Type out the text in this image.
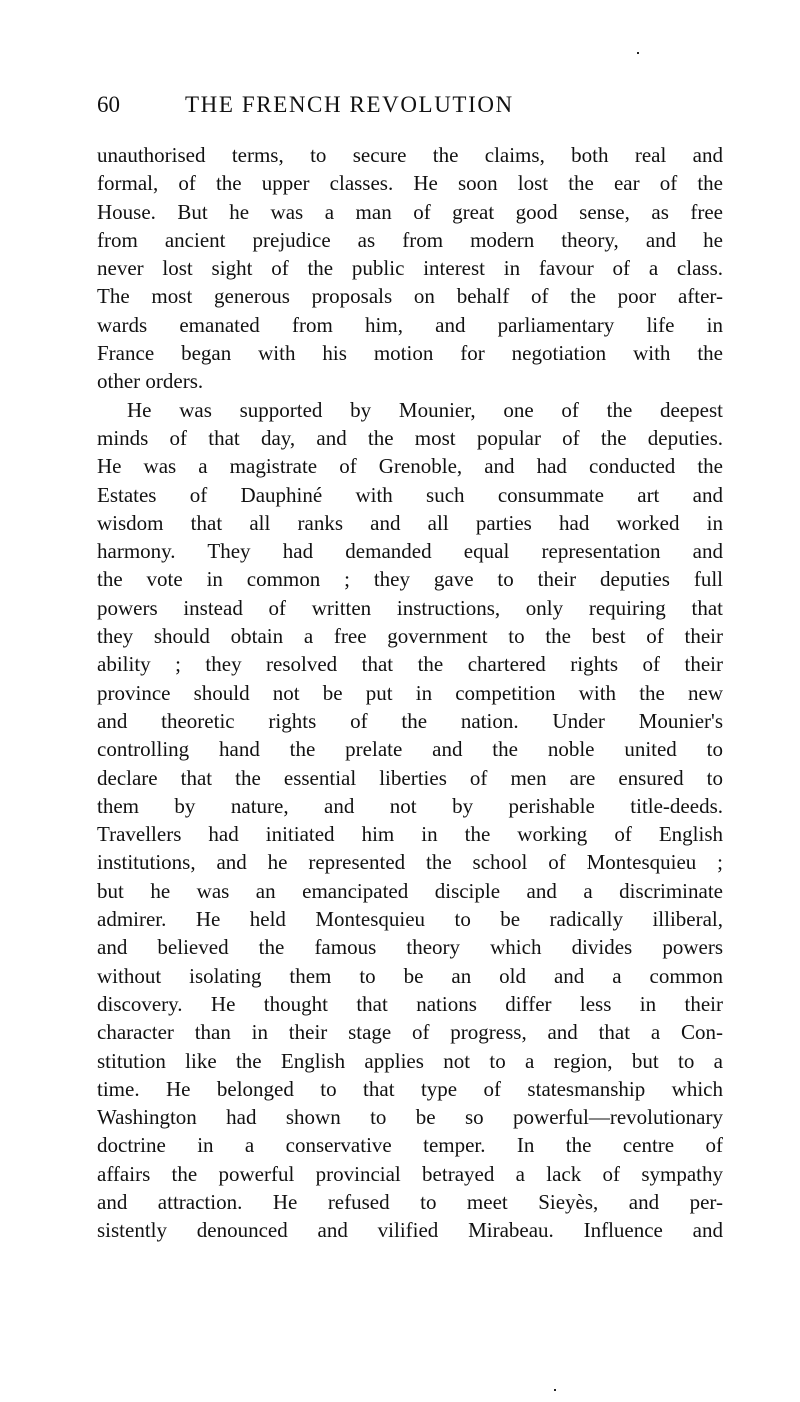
60	THE FRENCH REVOLUTION
unauthorised terms, to secure the claims, both real and
formal, of the upper classes. He soon lost the ear of the
House. But he was a man of great good sense, as free
from ancient prejudice as from modern theory, and he
never lost sight of the public interest in favour of a class.
The most generous proposals on behalf of the poor after-
wards emanated from him, and parliamentary life in
France began with his motion for negotiation with the
other orders.
He was supported by Mounier, one of the deepest
minds of that day, and the most popular of the deputies.
He was a magistrate of Grenoble, and had conducted the
Estates of Dauphiné with such consummate art and
wisdom that all ranks and all parties had worked in
harmony. They had demanded equal representation and
the vote in common ; they gave to their deputies full
powers instead of written instructions, only requiring that
they should obtain a free government to the best of their
ability ; they resolved that the chartered rights of their
province should not be put in competition with the new
and theoretic rights of the nation. Under Mounier's
controlling hand the prelate and the noble united to
declare that the essential liberties of men are ensured to
them by nature, and not by perishable title-deeds.
Travellers had initiated him in the working of English
institutions, and he represented the school of Montesquieu ;
but he was an emancipated disciple and a discriminate
admirer. He held Montesquieu to be radically illiberal,
and believed the famous theory which divides powers
without isolating them to be an old and a common
discovery. He thought that nations differ less in their
character than in their stage of progress, and that a Con-
stitution like the English applies not to a region, but to a
time. He belonged to that type of statesmanship which
Washington had shown to be so powerful—revolutionary
doctrine in a conservative temper. In the centre of
affairs the powerful provincial betrayed a lack of sympathy
and attraction. He refused to meet Sieyès, and per-
sistently denounced and vilified Mirabeau. Influence and
